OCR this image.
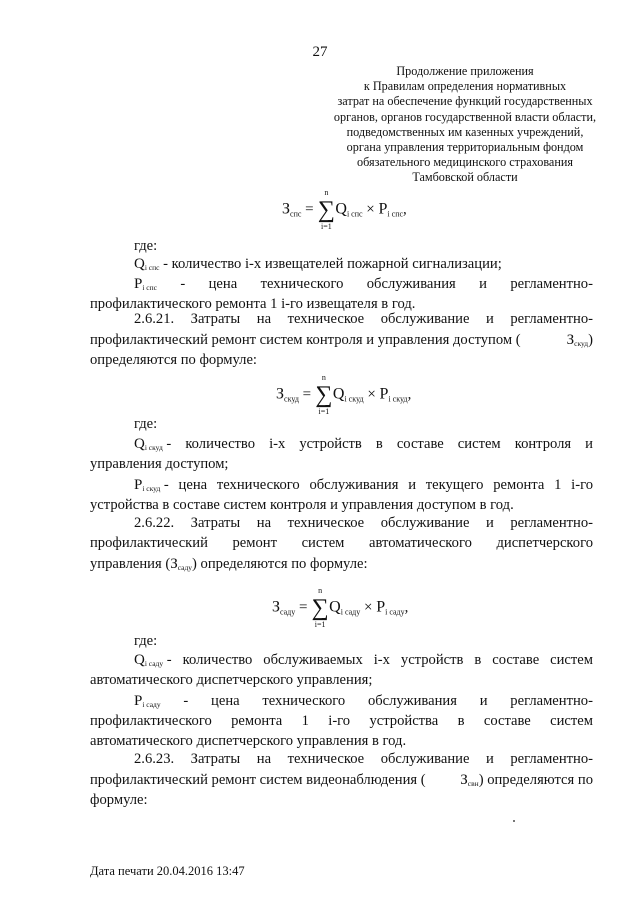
27
Продолжение приложения
к Правилам определения нормативных
затрат на обеспечение функций государственных
органов, органов государственной власти области,
подведомственных им казенных учреждений,
органа управления территориальным фондом
обязательного медицинского страхования
Тамбовской области
$З_{спс}$ =
n
∑
i=1
$Q_{i спс} \times P_{i спс}$,
где:
$Q_{i спс}$ - количество i-х извещателей пожарной сигнализации;
$P_{i спс}$ - цена технического обслуживания и регламентно-
профилактического ремонта 1 i-го извещателя в год.
2.6.21. Затраты на техническое обслуживание и регламентно-
профилактический ремонт систем контроля и управления доступом (	$З_{скуд}$)
определяются по формуле:
$З_{скуд}$ =
n
∑
i=1
$Q_{i скуд} \times P_{i скуд}$,
где:
$Q_{i скуд}$
- количество i-х устройств в составе систем контроля и
управления доступом;
$P_{i скуд}$
- цена технического обслуживания и текущего ремонта 1 i-го
устройства в составе систем контроля и управления доступом в год.
2.6.22. Затраты на техническое обслуживание и регламентно-
профилактический ремонт систем автоматического диспетчерского
управления $(З_{саду})$ определяются по формуле:
$З_{сaду}$ =
n
∑
i=1
$Q_{i саду} \times P_{i саду}$,
где:
$Q_{i саду}$
- количество обслуживаемых i-х устройств в составе систем
автоматического диспетчерского управления;
$P_{i саду}$ - цена технического обслуживания и регламентно-
профилактического ремонта 1 i-го устройства в составе систем
автоматического диспетчерского управления в год.
2.6.23. Затраты на техническое обслуживание и регламентно-
профилактический ремонт систем видеонаблюдения ( $З_{свн}$) определяются по
формуле:
Дата печати 20.04.2016 13:47
